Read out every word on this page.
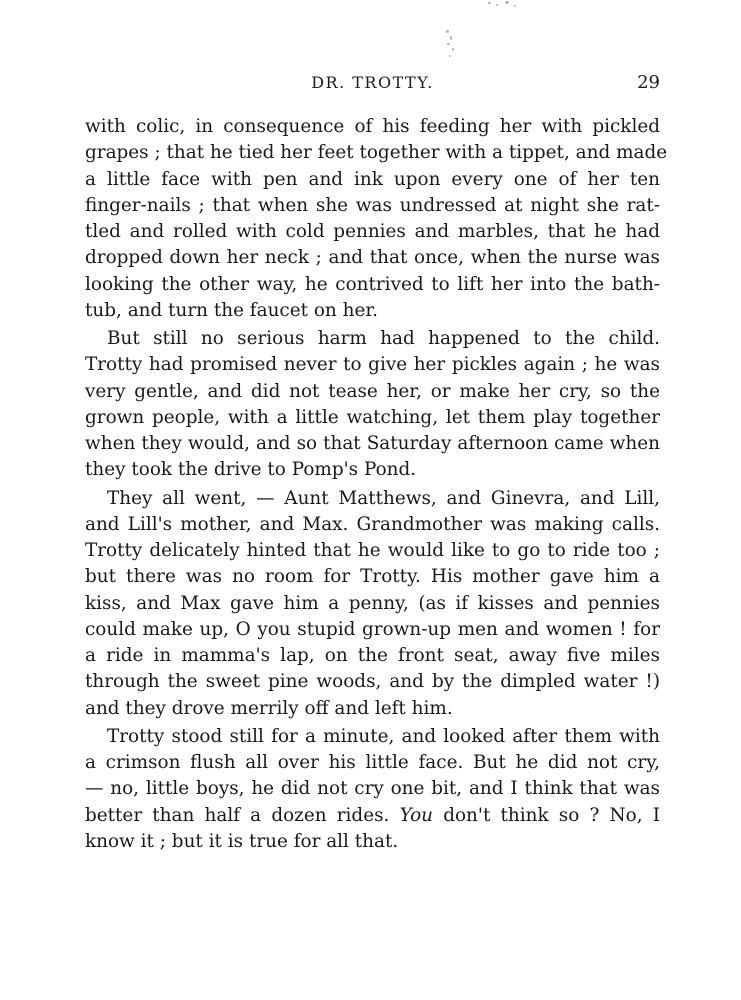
DR. TROTTY.	29
with colic, in consequence of his feeding her with pickled
grapes ; that he tied her feet together with a tippet, and made
a little face with pen and ink upon every one of her ten
finger-nails ; that when she was undressed at night she rat-
tled and rolled with cold pennies and marbles, that he had
dropped down her neck ; and that once, when the nurse was
looking the other way, he contrived to lift her into the bath-
tub, and turn the faucet on her.
But still no serious harm had happened to the child.
Trotty had promised never to give her pickles again ; he was
very gentle, and did not tease her, or make her cry, so the
grown people, with a little watching, let them play together
when they would, and so that Saturday afternoon came when
they took the drive to Pomp's Pond.
They all went, — Aunt Matthews, and Ginevra, and Lill,
and Lill's mother, and Max. Grandmother was making calls.
Trotty delicately hinted that he would like to go to ride too ;
but there was no room for Trotty. His mother gave him a
kiss, and Max gave him a penny, (as if kisses and pennies
could make up, O you stupid grown-up men and women ! for
a ride in mamma's lap, on the front seat, away five miles
through the sweet pine woods, and by the dimpled water !)
and they drove merrily off and left him.
Trotty stood still for a minute, and looked after them with
a crimson flush all over his little face. But he did not cry,
— no, little boys, he did not cry one bit, and I think that was
better than half a dozen rides. You don't think so ? No, I
know it ; but it is true for all that.
